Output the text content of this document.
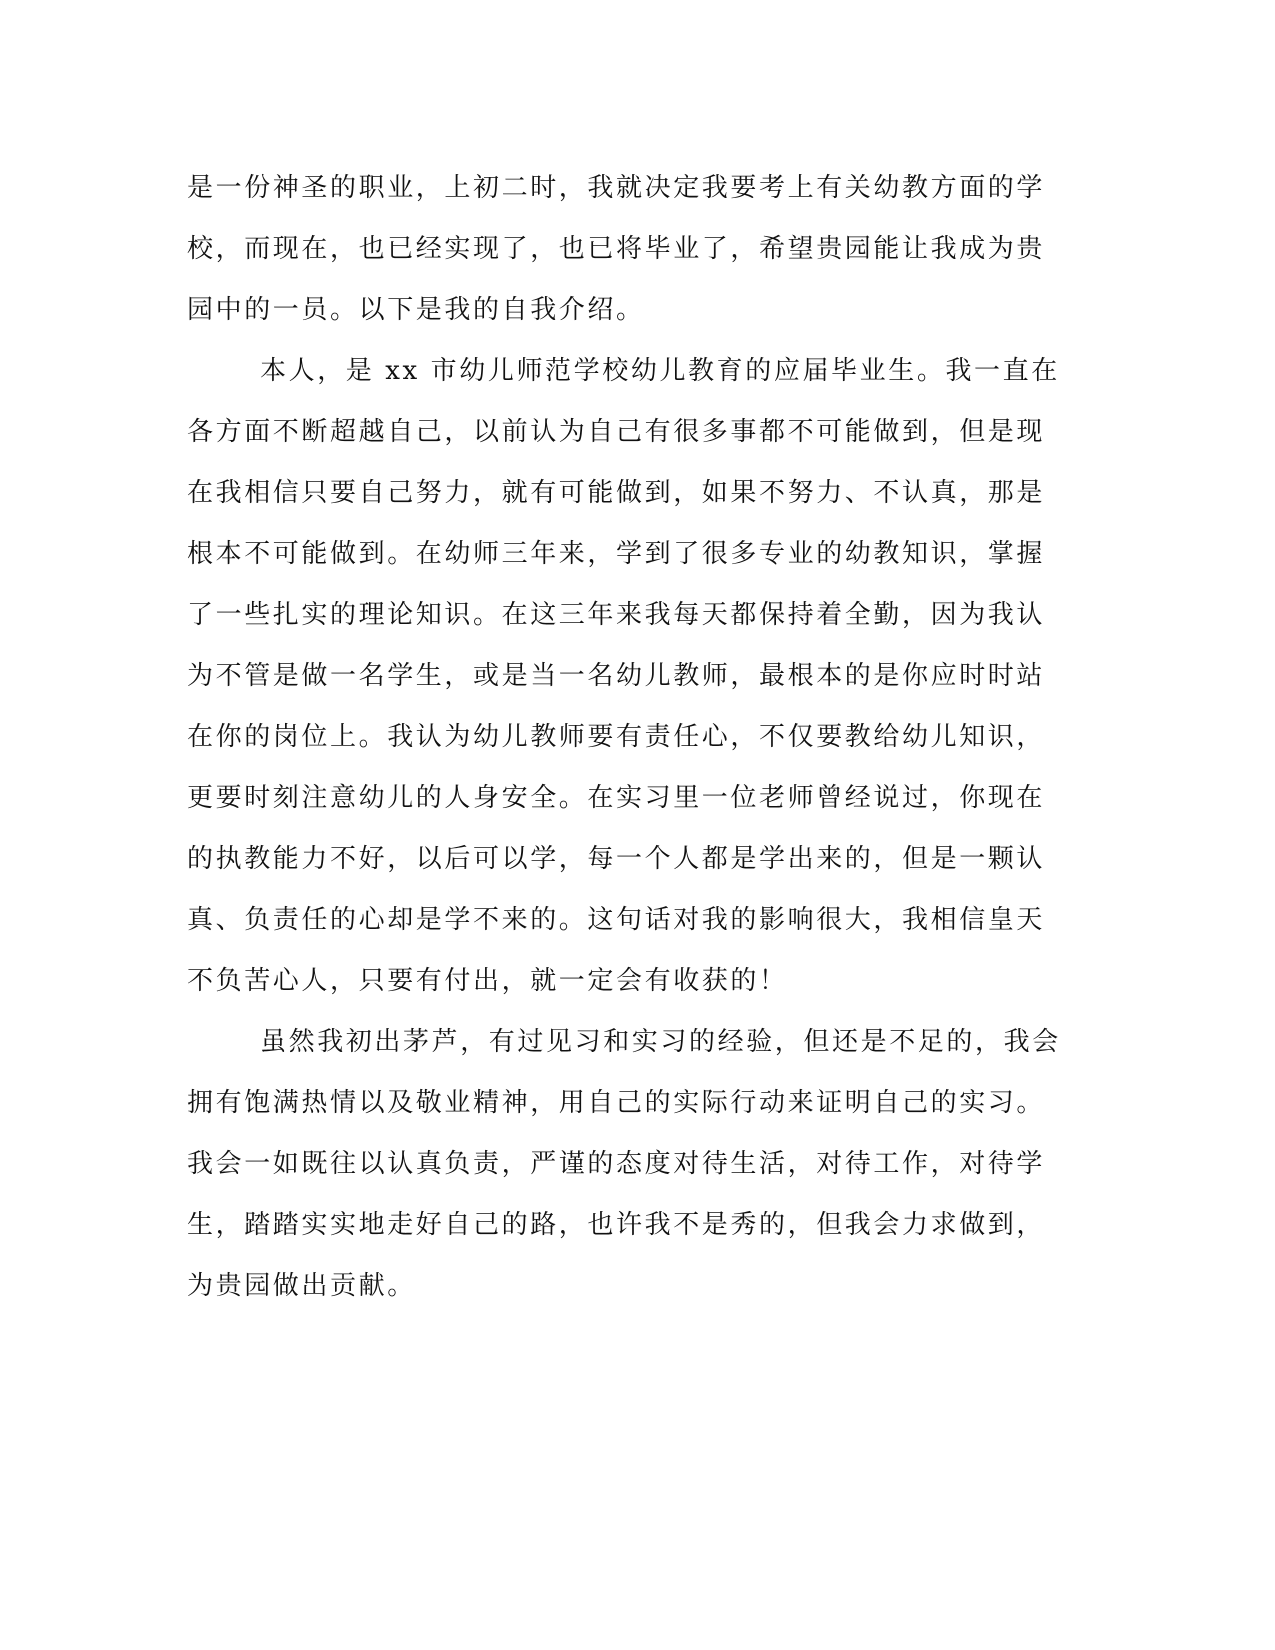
是一份神圣的职业，上初二时，我就决定我要考上有关幼教方面的学
校，而现在，也已经实现了，也已将毕业了，希望贵园能让我成为贵
园中的一员。以下是我的自我介绍。
本人，是 xx 市幼儿师范学校幼儿教育的应届毕业生。我一直在
各方面不断超越自己，以前认为自己有很多事都不可能做到，但是现
在我相信只要自己努力，就有可能做到，如果不努力、不认真，那是
根本不可能做到。在幼师三年来，学到了很多专业的幼教知识，掌握
了一些扎实的理论知识。在这三年来我每天都保持着全勤，因为我认
为不管是做一名学生，或是当一名幼儿教师，最根本的是你应时时站
在你的岗位上。我认为幼儿教师要有责任心，不仅要教给幼儿知识，
更要时刻注意幼儿的人身安全。在实习里一位老师曾经说过，你现在
的执教能力不好，以后可以学，每一个人都是学出来的，但是一颗认
真、负责任的心却是学不来的。这句话对我的影响很大，我相信皇天
不负苦心人，只要有付出，就一定会有收获的！
虽然我初出茅芦，有过见习和实习的经验，但还是不足的，我会
拥有饱满热情以及敬业精神，用自己的实际行动来证明自己的实习。
我会一如既往以认真负责，严谨的态度对待生活，对待工作，对待学
生，踏踏实实地走好自己的路，也许我不是秀的，但我会力求做到，
为贵园做出贡献。
